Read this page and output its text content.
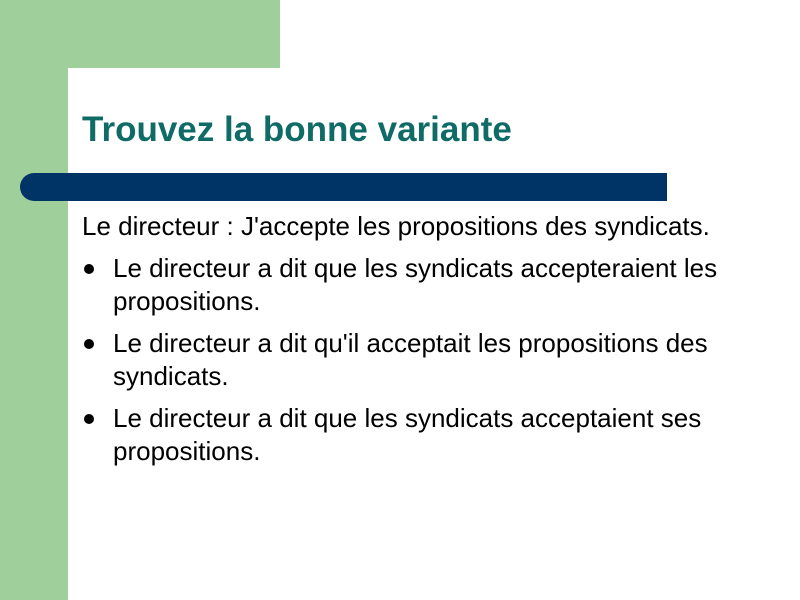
Trouvez la bonne variante
Le directeur : J'accepte les propositions des syndicats.
Le directeur a dit que les syndicats accepteraient les propositions.
Le directeur a dit qu'il acceptait les propositions des syndicats.
Le directeur a dit que les syndicats acceptaient ses propositions.
